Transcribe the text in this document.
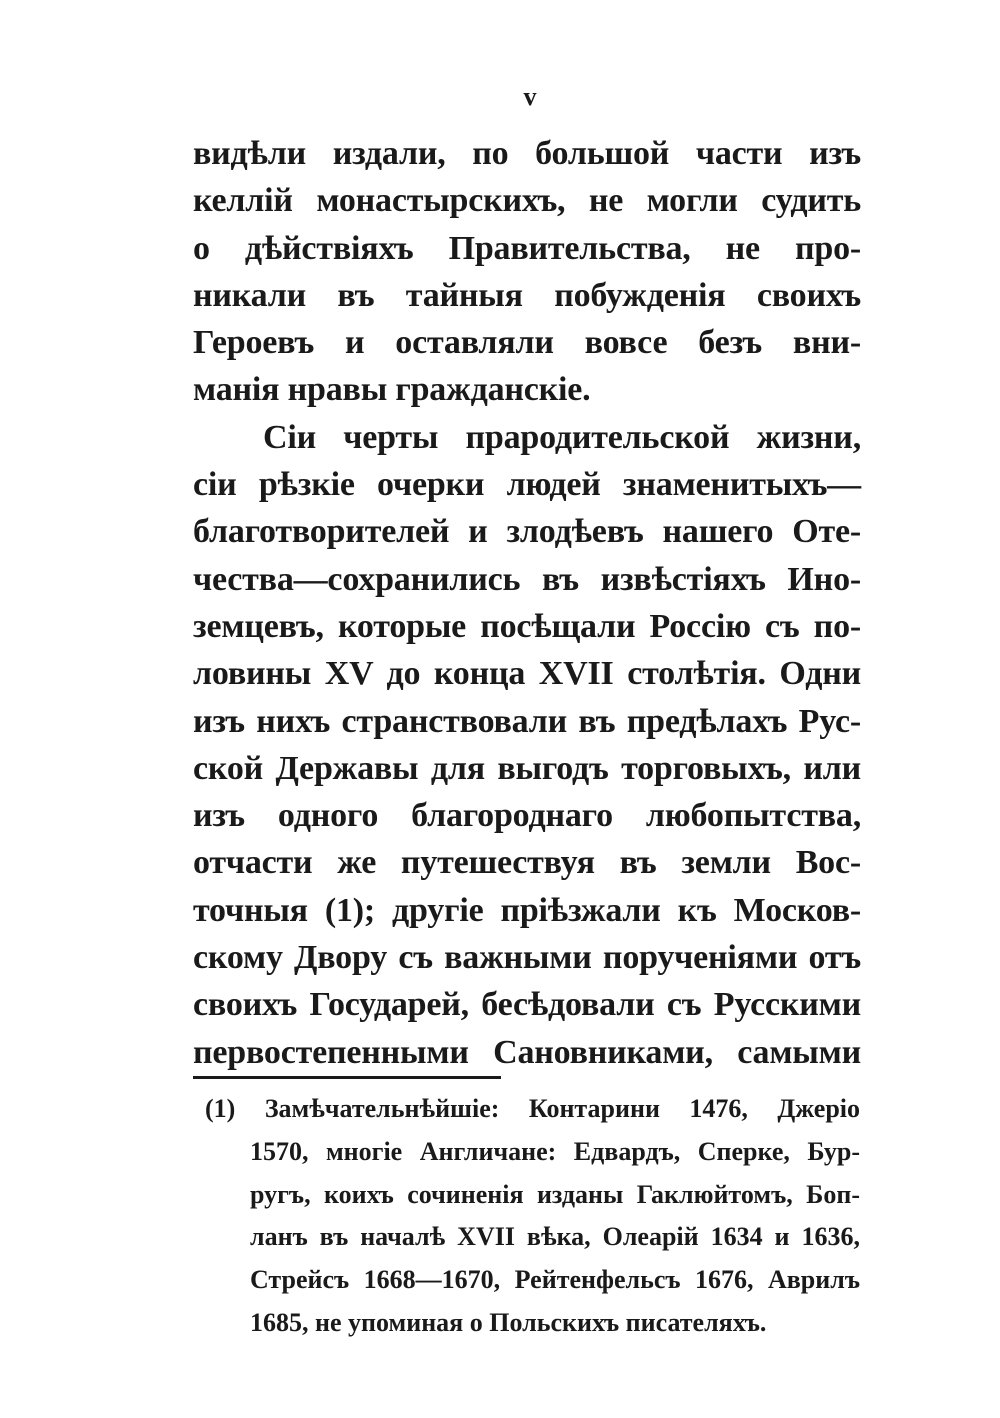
v
видѣли издали, по большой части изъ
келлій монастырскихъ, не могли судить
о дѣйствіяхъ Правительства, не про-
никали въ тайныя побужденія своихъ
Героевъ и оставляли вовсе безъ вни-
манія нравы гражданскіе.
Сіи черты прародительской жизни,
сіи рѣзкіе очерки людей знаменитыхъ—
благотворителей и злодѣевъ нашего Оте-
чества—сохранились въ извѣстіяхъ Ино-
земцевъ, которые посѣщали Россію съ по-
ловины XV до конца XVII столѣтія. Одни
изъ нихъ странствовали въ предѣлахъ Рус-
ской Державы для выгодъ торговыхъ, или
изъ одного благороднаго любопытства,
отчасти же путешествуя въ земли Вос-
точныя (1); другіе пріѣзжали къ Москов-
скому Двору съ важными порученіями отъ
своихъ Государей, бесѣдовали съ Русскими
первостепенными Сановниками, самыми
(1) Замѣчательнѣйшіе: Контарини 1476, Джеріо
1570, многіе Англичане: Едвардъ, Сперке, Бур-
ругъ, коихъ сочиненія изданы Гаклюйтомъ, Боп-
ланъ въ началѣ XVII вѣка, Олеарій 1634 и 1636,
Стрейсъ 1668—1670, Рейтенфельсъ 1676, Аврилъ
1685, не упоминая о Польскихъ писателяхъ.
